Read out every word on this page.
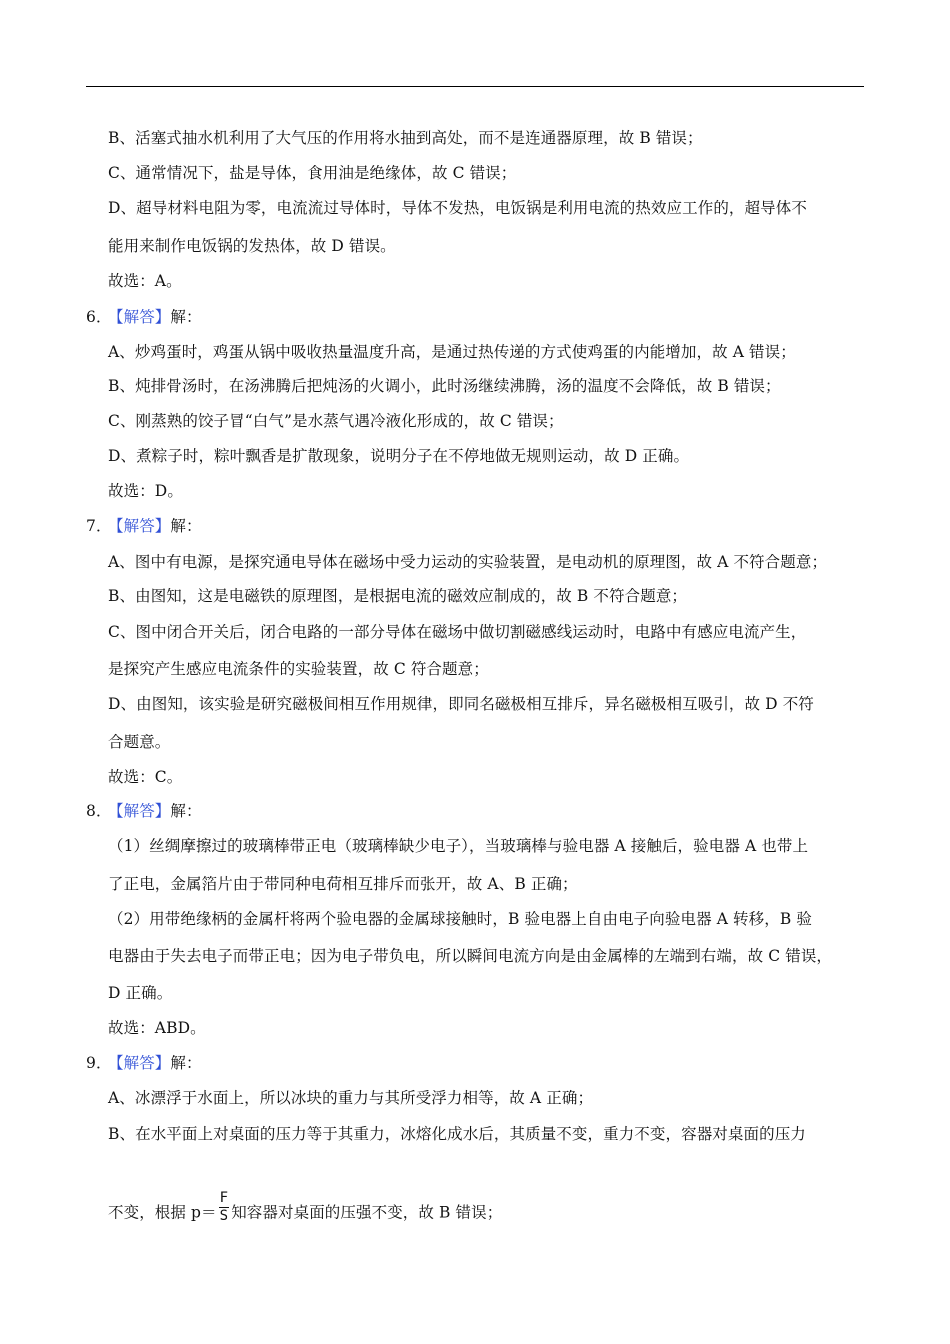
B、活塞式抽水机利用了大气压的作用将水抽到高处，而不是连通器原理，故 B 错误；
C、通常情况下，盐是导体，食用油是绝缘体，故 C 错误；
D、超导材料电阻为零，电流流过导体时，导体不发热，电饭锅是利用电流的热效应工作的，超导体不
能用来制作电饭锅的发热体，故 D 错误。
故选：A。
6．【解答】解：
A、炒鸡蛋时，鸡蛋从锅中吸收热量温度升高，是通过热传递的方式使鸡蛋的内能增加，故 A 错误；
B、炖排骨汤时，在汤沸腾后把炖汤的火调小，此时汤继续沸腾，汤的温度不会降低，故 B 错误；
C、刚蒸熟的饺子冒“白气”是水蒸气遇冷液化形成的，故 C 错误；
D、煮粽子时，粽叶飘香是扩散现象，说明分子在不停地做无规则运动，故 D 正确。
故选：D。
7．【解答】解：
A、图中有电源，是探究通电导体在磁场中受力运动的实验装置，是电动机的原理图，故 A 不符合题意；
B、由图知，这是电磁铁的原理图，是根据电流的磁效应制成的，故 B 不符合题意；
C、图中闭合开关后，闭合电路的一部分导体在磁场中做切割磁感线运动时，电路中有感应电流产生，
是探究产生感应电流条件的实验装置，故 C 符合题意；
D、由图知，该实验是研究磁极间相互作用规律，即同名磁极相互排斥，异名磁极相互吸引，故 D 不符
合题意。
故选：C。
8．【解答】解：
（1）丝绸摩擦过的玻璃棒带正电（玻璃棒缺少电子），当玻璃棒与验电器 A 接触后，验电器 A 也带上
了正电，金属箔片由于带同种电荷相互排斥而张开，故 A、B 正确；
（2）用带绝缘柄的金属杆将两个验电器的金属球接触时，B 验电器上自由电子向验电器 A 转移，B 验
电器由于失去电子而带正电；因为电子带负电，所以瞬间电流方向是由金属棒的左端到右端，故 C 错误，
D 正确。
故选：ABD。
9．【解答】解：
A、冰漂浮于水面上，所以冰块的重力与其所受浮力相等，故 A 正确；
B、在水平面上对桌面的压力等于其重力，冰熔化成水后，其质量不变，重力不变，容器对桌面的压力
不变，根据 $p= \frac{F}{S}$ 知容器对桌面的压强不变，故 B 错误；
